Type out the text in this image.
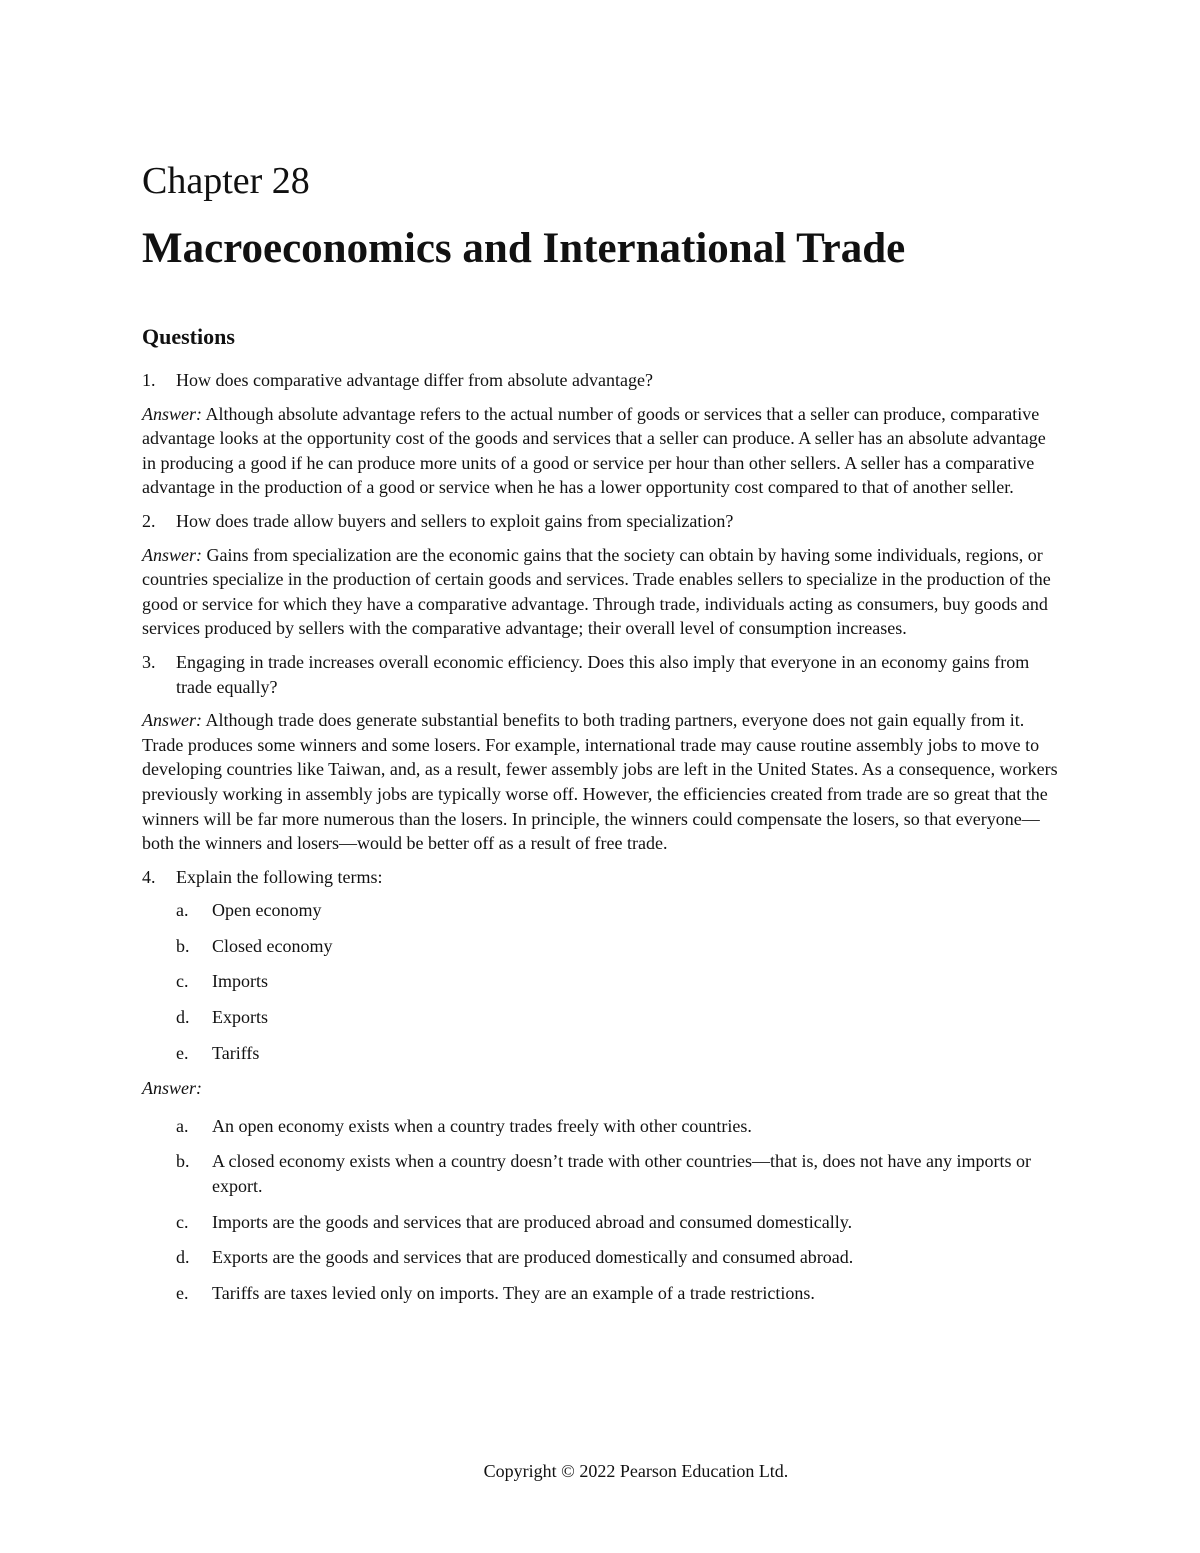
Chapter 28
Macroeconomics and International Trade
Questions

1. How does comparative advantage differ from absolute advantage?

Answer: Although absolute advantage refers to the actual number of goods or services that a seller can produce, comparative advantage looks at the opportunity cost of the goods and services that a seller can produce. A seller has an absolute advantage in producing a good if he can produce more units of a good or service per hour than other sellers. A seller has a comparative advantage in the production of a good or service when he has a lower opportunity cost compared to that of another seller.

2. How does trade allow buyers and sellers to exploit gains from specialization?

Answer: Gains from specialization are the economic gains that the society can obtain by having some individuals, regions, or countries specialize in the production of certain goods and services. Trade enables sellers to specialize in the production of the good or service for which they have a comparative advantage. Through trade, individuals acting as consumers, buy goods and services produced by sellers with the comparative advantage; their overall level of consumption increases.

3. Engaging in trade increases overall economic efficiency. Does this also imply that everyone in an economy gains from trade equally?

Answer: Although trade does generate substantial benefits to both trading partners, everyone does not gain equally from it. Trade produces some winners and some losers. For example, international trade may cause routine assembly jobs to move to developing countries like Taiwan, and, as a result, fewer assembly jobs are left in the United States. As a consequence, workers previously working in assembly jobs are typically worse off. However, the efficiencies created from trade are so great that the winners will be far more numerous than the losers. In principle, the winners could compensate the losers, so that everyone—both the winners and losers—would be better off as a result of free trade.

4. Explain the following terms:

a. Open economy

b. Closed economy

c. Imports

d. Exports

e. Tariffs

Answer:

a. An open economy exists when a country trades freely with other countries.

b. A closed economy exists when a country doesn’t trade with other countries—that is, does not have any imports or export.

c. Imports are the goods and services that are produced abroad and consumed domestically.

d. Exports are the goods and services that are produced domestically and consumed abroad.

e. Tariffs are taxes levied only on imports. They are an example of a trade restrictions.

Copyright © 2022 Pearson Education Ltd.
